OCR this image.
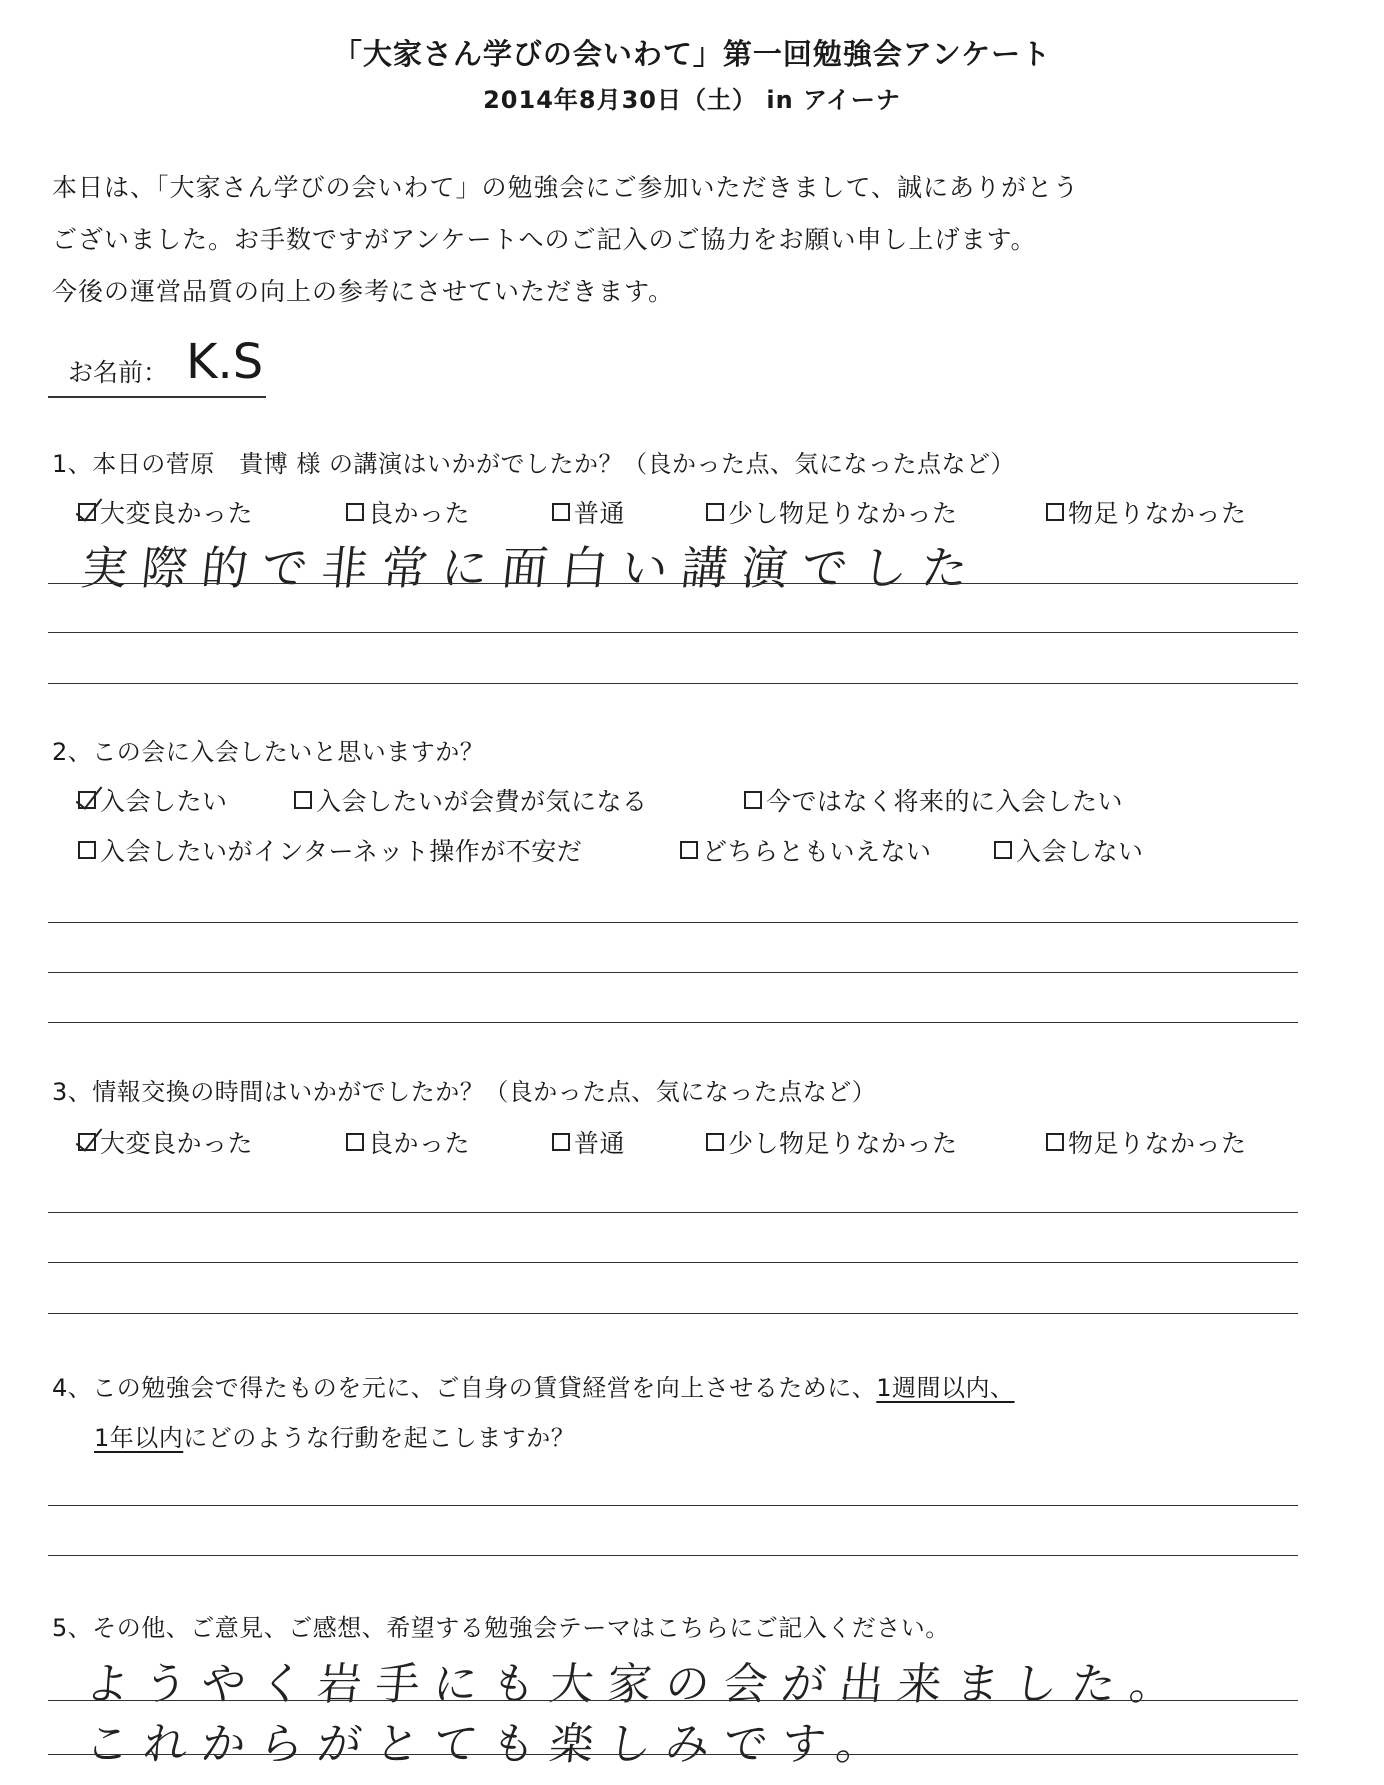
「大家さん学びの会いわて」第一回勉強会アンケート
2014年8月30日（土） in アイーナ
本日は、「大家さん学びの会いわて」の勉強会にご参加いただきまして、誠にありがとう
ございました。お手数ですがアンケートへのご記入のご協力をお願い申し上げます。
今後の運営品質の向上の参考にさせていただきます。
お名前： K.S
1、本日の菅原　貴博 様 の講演はいかがでしたか？（良かった点、気になった点など）
大変良かった	良かった	普通	少し物足りなかった	物足りなかった
実際的で非常に面白い講演でした
2、この会に入会したいと思いますか？
入会したい	入会したいが会費が気になる	今ではなく将来的に入会したい
入会したいがインターネット操作が不安だ	どちらともいえない	入会しない
3、情報交換の時間はいかがでしたか？（良かった点、気になった点など）
大変良かった	良かった	普通	少し物足りなかった	物足りなかった
4、この勉強会で得たものを元に、ご自身の賃貸経営を向上させるために、1週間以内、
1年以内にどのような行動を起こしますか？
5、その他、ご意見、ご感想、希望する勉強会テーマはこちらにご記入ください。
ようやく岩手にも大家の会が出来ました。
これからがとても楽しみです。
